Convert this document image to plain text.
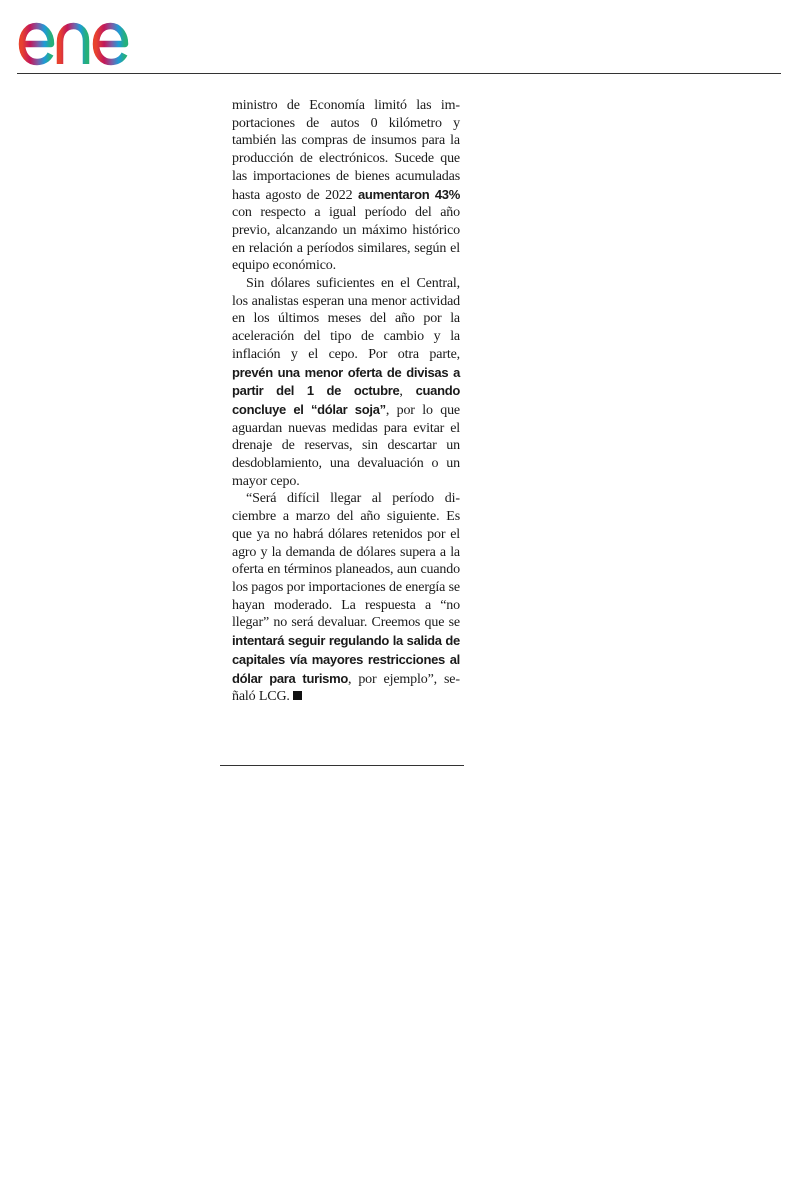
ministro de Economía limitó las importaciones de autos 0 kilómetro y también las compras de insumos para la producción de electrónicos. Sucede que las importaciones de bienes acumuladas hasta agosto de 2022 aumentaron 43% con respecto a igual período del año previo, alcanzando un máximo histórico en relación a períodos similares, según el equipo económico.

Sin dólares suficientes en el Central, los analistas esperan una menor actividad en los últimos meses del año por la aceleración del tipo de cambio y la inflación y el cepo. Por otra parte, prevén una menor oferta de divisas a partir del 1 de octubre, cuando concluye el “dólar soja”, por lo que aguardan nuevas medidas para evitar el drenaje de reservas, sin descartar un desdoblamiento, una devaluación o un mayor cepo.

“Será difícil llegar al período diciembre a marzo del año siguiente. Es que ya no habrá dólares retenidos por el agro y la demanda de dólares supera a la oferta en términos planeados, aun cuando los pagos por importaciones de energía se hayan moderado. La respuesta a “no llegar” no será devaluar. Creemos que se intentará seguir regulando la salida de capitales vía mayores restricciones al dólar para turismo, por ejemplo”, señaló LCG.
